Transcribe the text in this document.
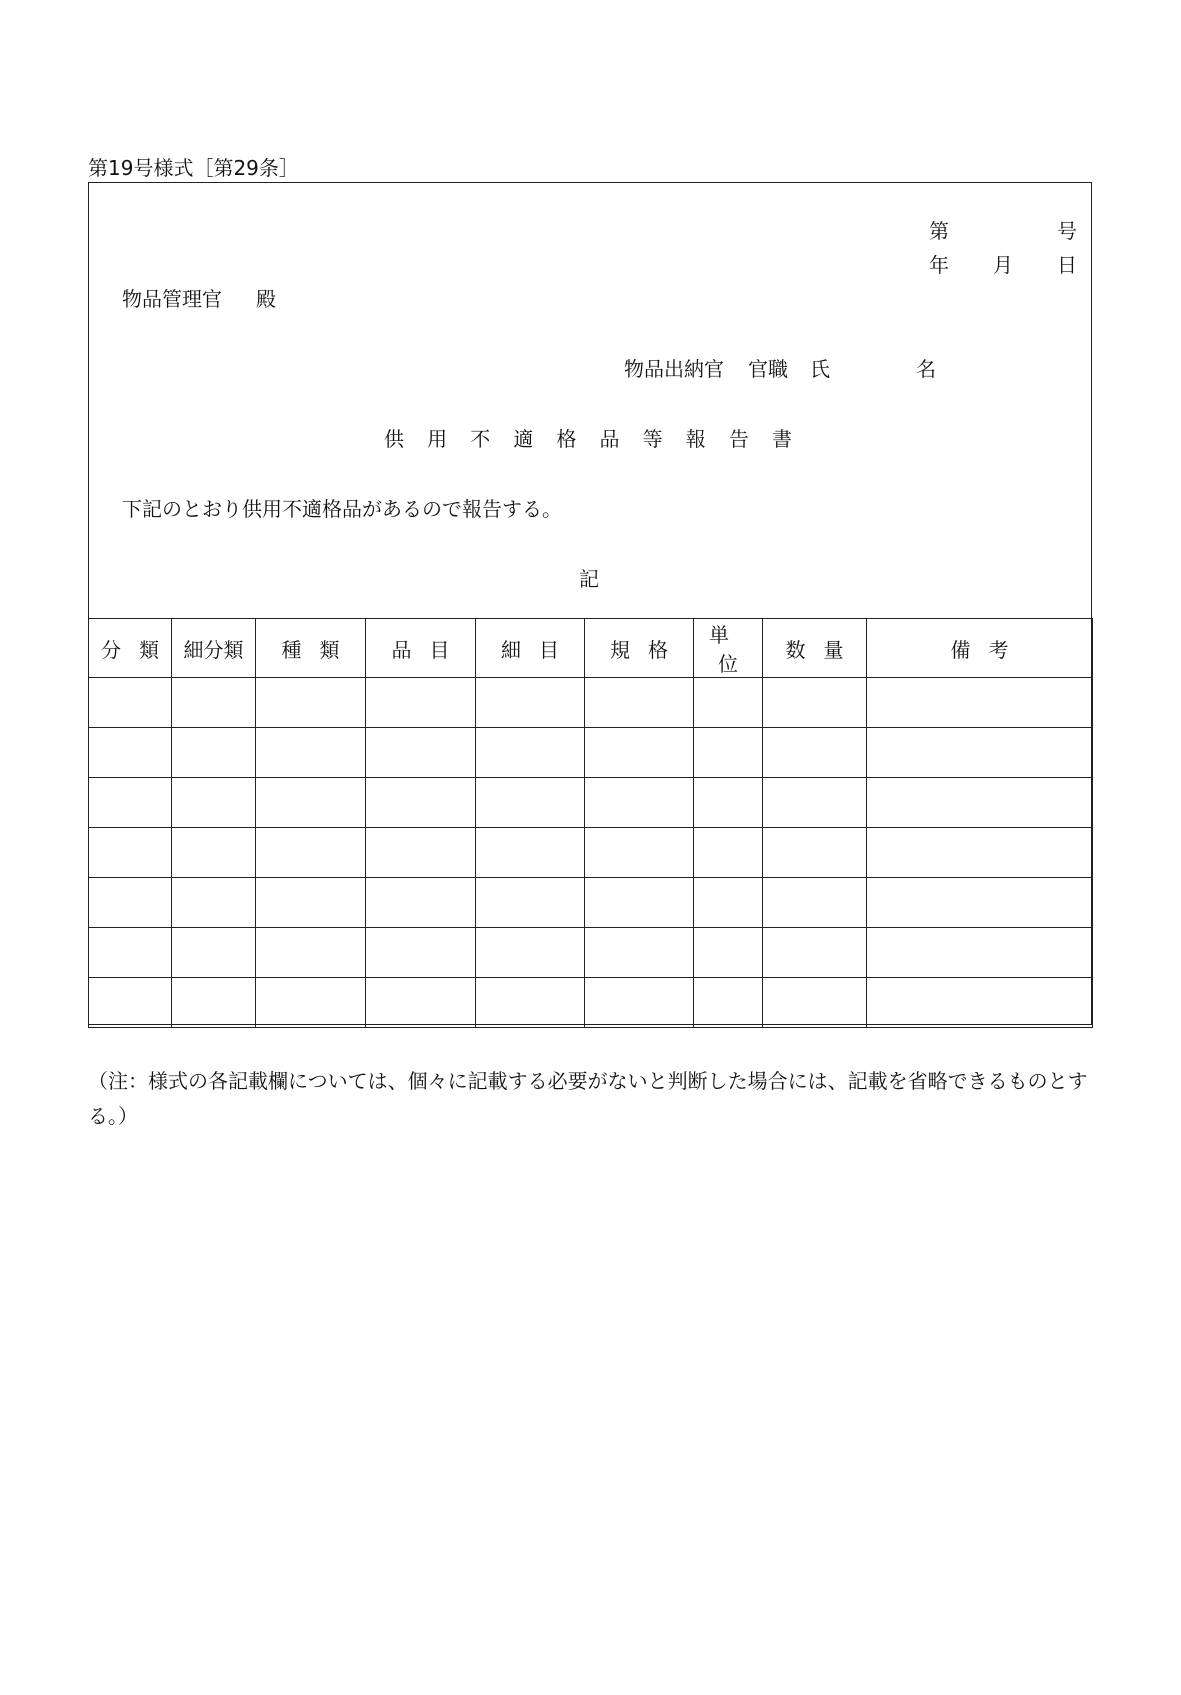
第19号様式［第29条］
第	号
年 月 日
物品管理官 殿
物品出納官 官職 氏	名
供 用 不 適 格 品 等 報 告 書
下記のとおり供用不適格品があるので報告する。
記
分類	細分類	種類	品目	細目	規格	単位	数量	備考

（注：様式の各記載欄については、個々に記載する必要がないと判断した場合には、記載を省略できるものとする。）
